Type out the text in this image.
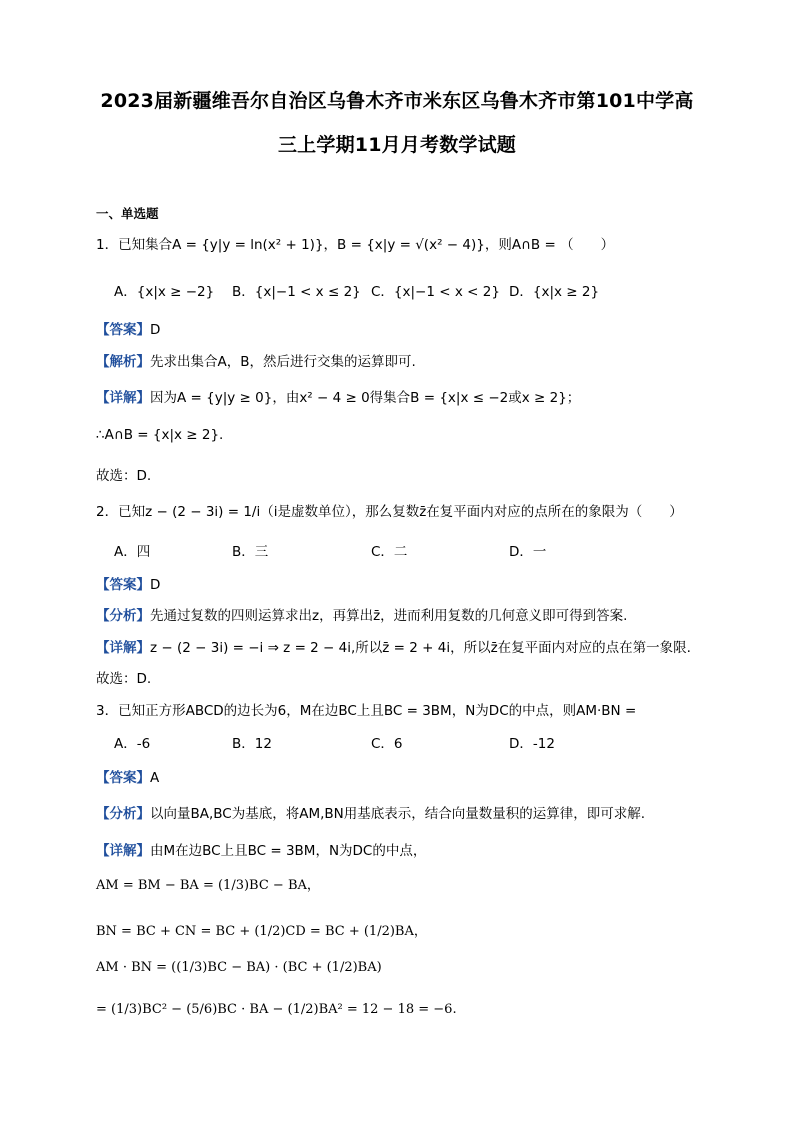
2023届新疆维吾尔自治区乌鲁木齐市米东区乌鲁木齐市第101中学高
三上学期11月月考数学试题
一、单选题
1．已知集合A = {y|y = ln(x² + 1)}，B = {x|y = √(x² − 4)}，则A∩B = （　　）
A．{x|x ≥ −2} B．{x|−1 < x ≤ 2} C．{x|−1 < x < 2} D．{x|x ≥ 2}
【答案】D
【解析】先求出集合A，B，然后进行交集的运算即可.
【详解】因为A = {y|y ≥ 0}，由x² − 4 ≥ 0得集合B = {x|x ≤ −2或x ≥ 2}；
∴A∩B = {x|x ≥ 2}.
故选：D.
2．已知z − (2 − 3i) = 1/i（i是虚数单位），那么复数z̄在复平面内对应的点所在的象限为（　　）
A．四	B．三	C．二	D．一
【答案】D
【分析】先通过复数的四则运算求出z，再算出z̄，进而利用复数的几何意义即可得到答案.
【详解】z − (2 − 3i) = −i ⇒ z = 2 − 4i,所以z̄ = 2 + 4i，所以z̄在复平面内对应的点在第一象限.
故选：D.
3．已知正方形ABCD的边长为6，M在边BC上且BC = 3BM，N为DC的中点，则AM·BN =
A．-6	B．12	C．6	D．-12
【答案】A
【分析】以向量BA,BC为基底，将AM,BN用基底表示，结合向量数量积的运算律，即可求解.
【详解】由M在边BC上且BC = 3BM，N为DC的中点，
AM = BM − BA = (1/3)BC − BA，
BN = BC + CN = BC + (1/2)CD = BC + (1/2)BA，
AM · BN = ((1/3)BC − BA) · (BC + (1/2)BA)
= (1/3)BC² − (5/6)BC · BA − (1/2)BA² = 12 − 18 = −6.
